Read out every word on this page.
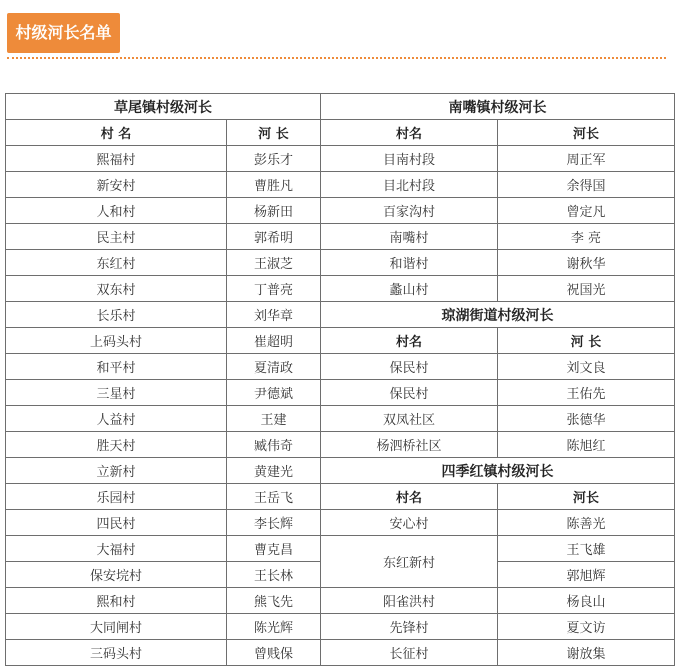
村级河长名单
草尾镇村级河长		南嘴镇村级河长	
村 名	河 长	村名	河长
熙福村	彭乐才	目南村段	周正军
新安村	曹胜凡	目北村段	余得国
人和村	杨新田	百家沟村	曾定凡
民主村	郭希明	南嘴村	李 亮
东红村	王淑芝	和谐村	谢秋华
双东村	丁普亮	蠡山村	祝国光
长乐村	刘华章	琼湖街道村级河长	
上码头村	崔超明	村名	河 长
和平村	夏清政	保民村	刘文良
三星村	尹德斌	保民村	王佑先
人益村	王建	双凤社区	张德华
胜天村	臧伟奇	杨泗桥社区	陈旭红
立新村	黄建光	四季红镇村级河长	
乐园村	王岳飞	村名	河长
四民村	李长辉	安心村	陈善光
大福村	曹克昌	东红新村	王飞雄
保安垸村	王长林		郭旭辉
熙和村	熊飞先	阳雀洪村	杨良山
大同闸村	陈光辉	先锋村	夏文访
三码头村	曾贱保	长征村	谢放集
